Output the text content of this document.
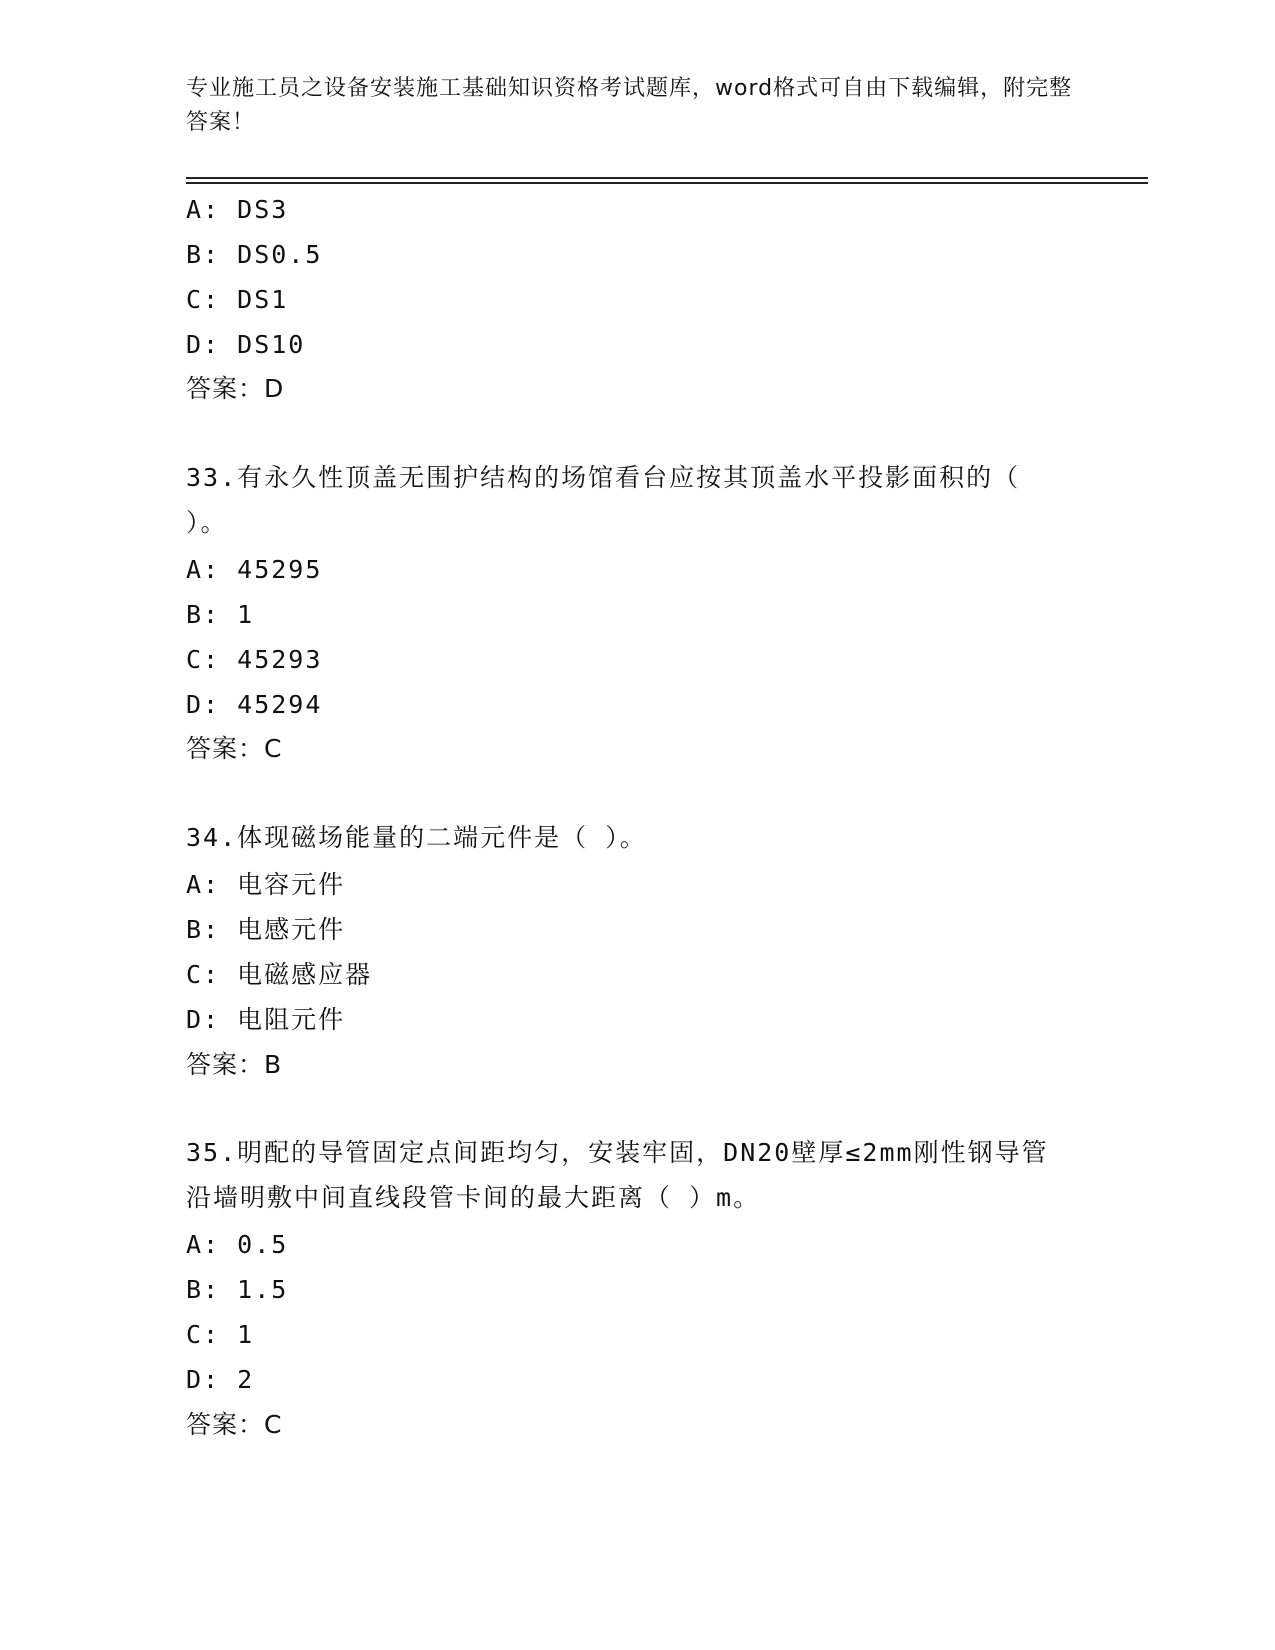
专业施工员之设备安装施工基础知识资格考试题库，word格式可自由下载编辑，附完整答案！
A: DS3
B: DS0.5
C: DS1
D: DS10
答案：D
33.有永久性顶盖无围护结构的场馆看台应按其顶盖水平投影面积的（ ）。
A: 45295
B: 1
C: 45293
D: 45294
答案：C
34.体现磁场能量的二端元件是（ ）。
A: 电容元件
B: 电感元件
C: 电磁感应器
D: 电阻元件
答案：B
35.明配的导管固定点间距均匀，安装牢固，DN20壁厚≤2mm刚性钢导管沿墙明敷中间直线段管卡间的最大距离（ ）m。
A: 0.5
B: 1.5
C: 1
D: 2
答案：C
